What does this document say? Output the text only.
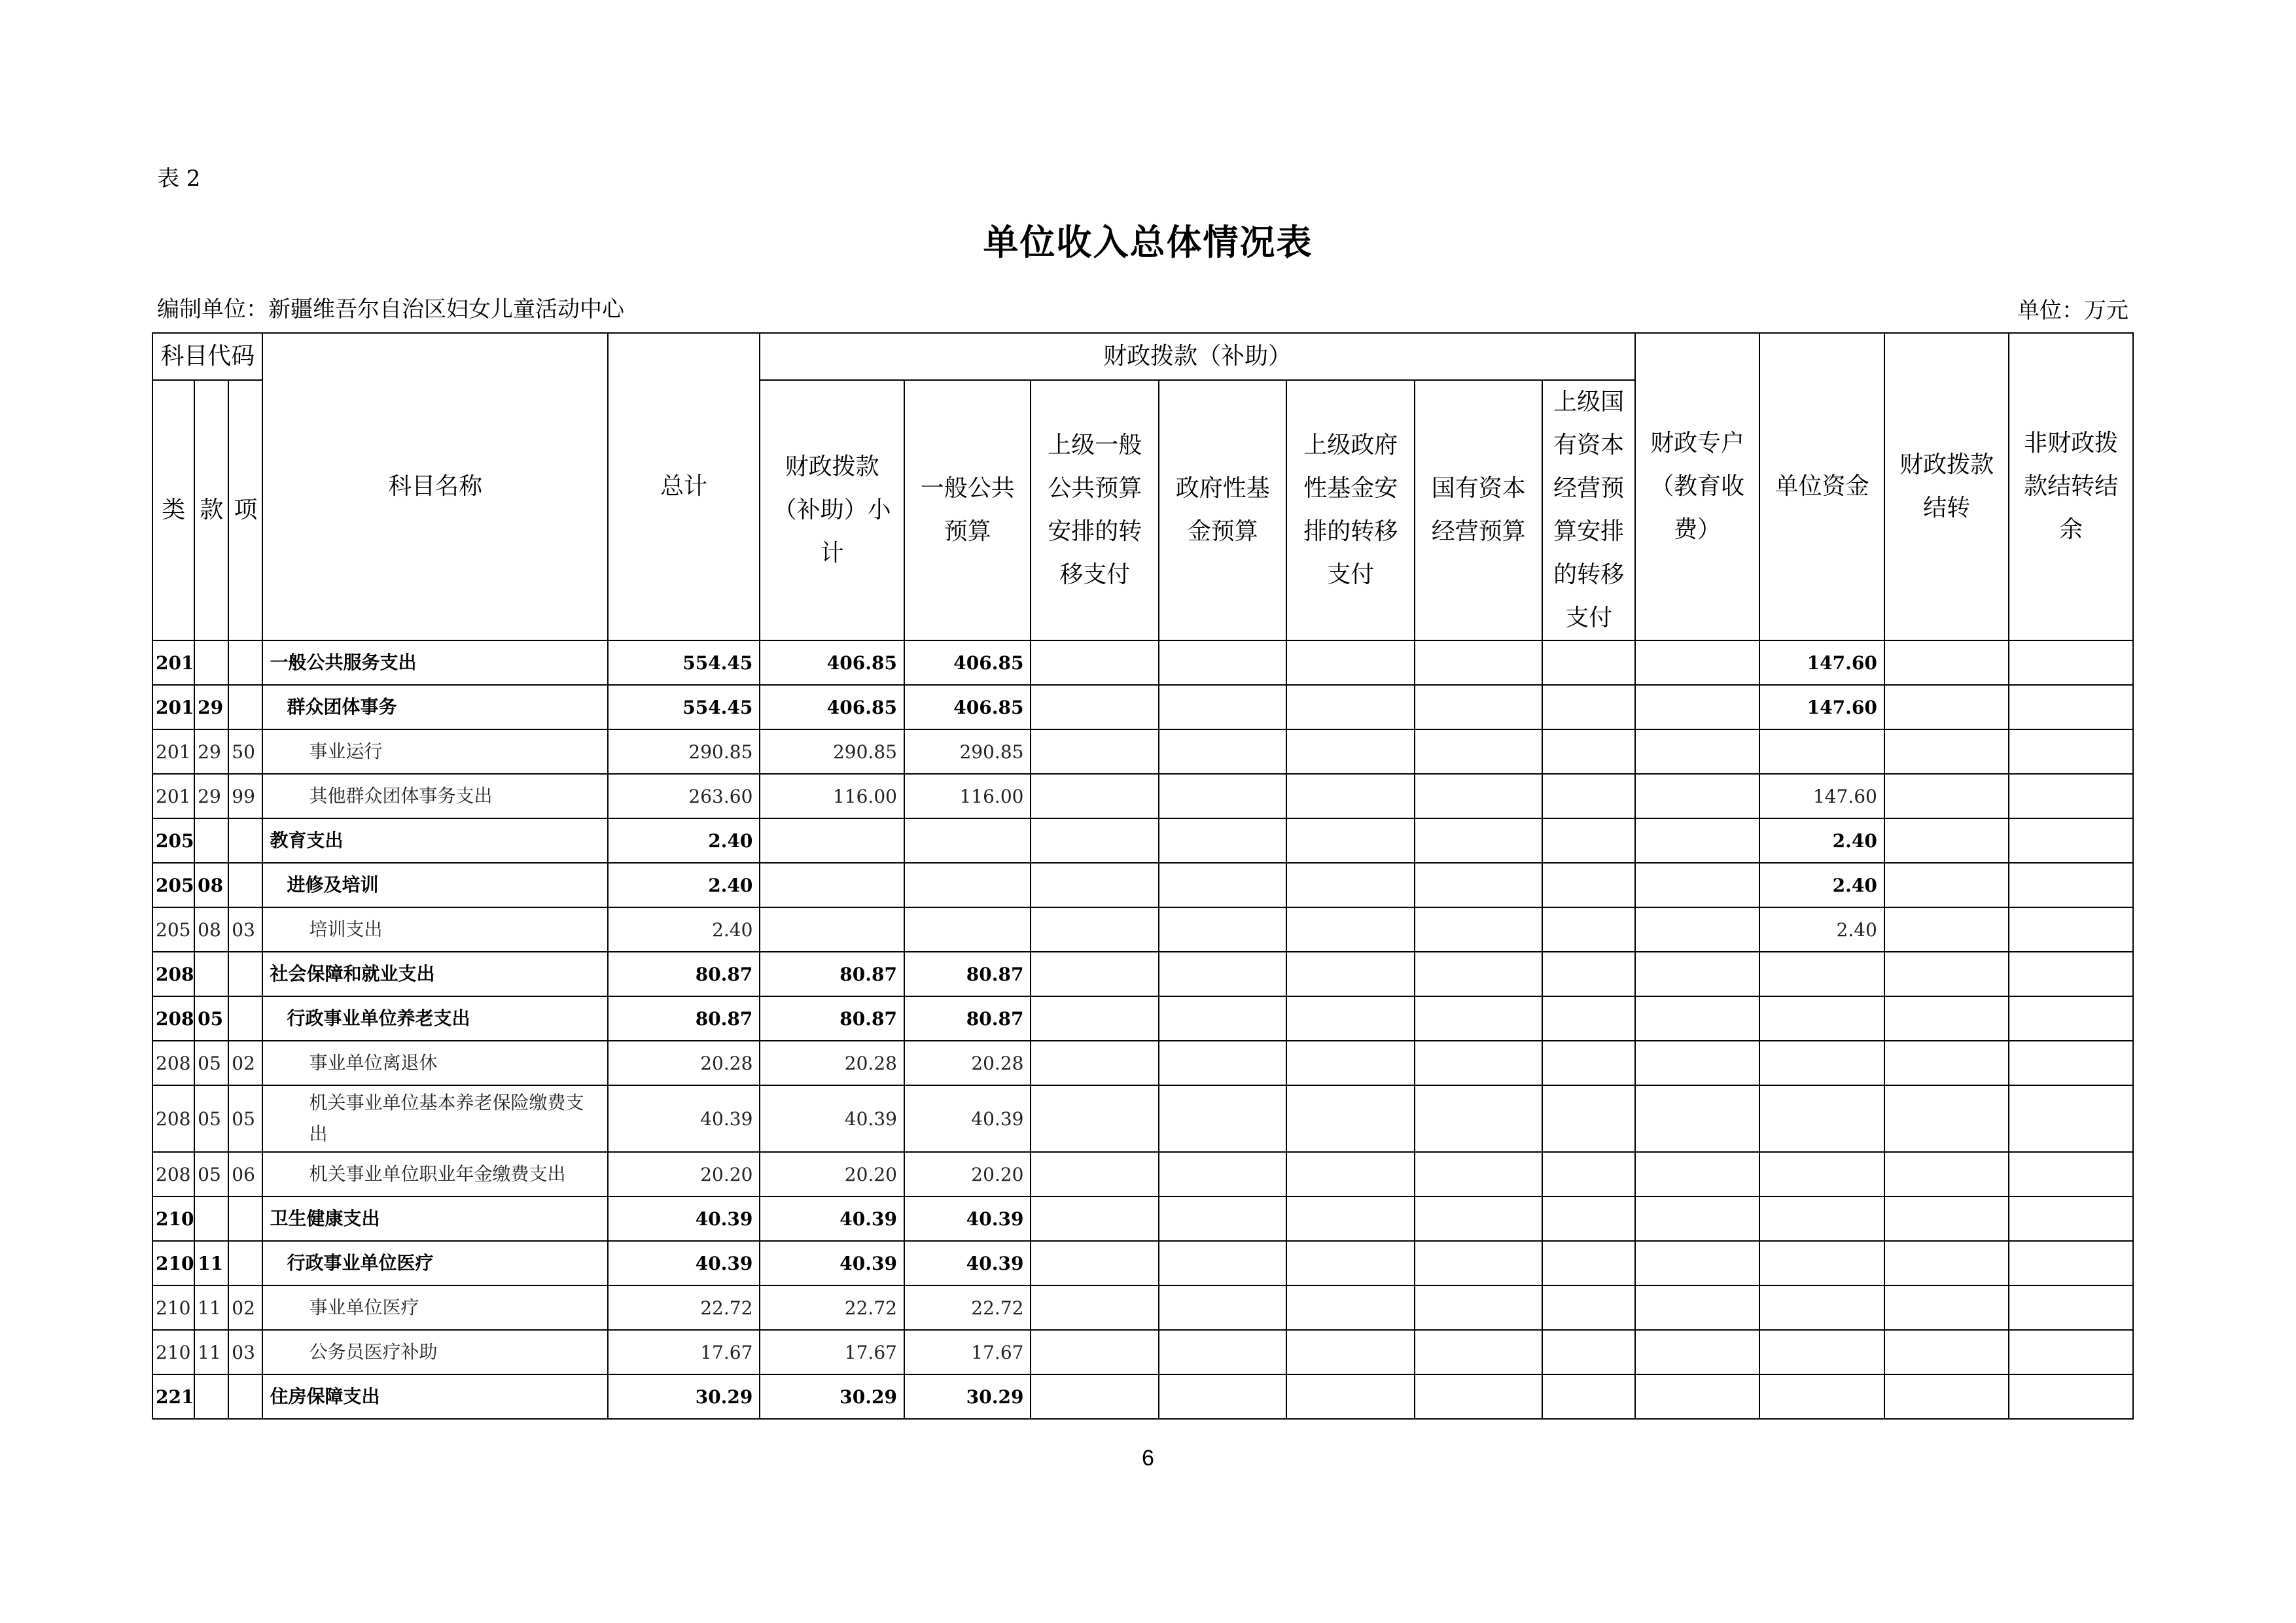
表 2
单位收入总体情况表
编制单位：新疆维吾尔自治区妇女儿童活动中心	单位：万元
科目代码			科目名称	总计	财政拨款（补助）							财政专户（教育收费）	单位资金	财政拨款结转	非财政拨款结转结余
类	款	项			财政拨款（补助）小计	一般公共预算	上级一般公共预算安排的转移支付	政府性基金预算	上级政府性基金安排的转移支付	国有资本经营预算	上级国有资本经营预算安排的转移支付				
201			一般公共服务支出	554.45	406.85	406.85							147.60		
201	29		群众团体事务	554.45	406.85	406.85							147.60		
201	29	50	事业运行	290.85	290.85	290.85									
201	29	99	其他群众团体事务支出	263.60	116.00	116.00							147.60		
205			教育支出	2.40									2.40		
205	08		进修及培训	2.40									2.40		
205	08	03	培训支出	2.40									2.40		
208			社会保障和就业支出	80.87	80.87	80.87									
208	05		行政事业单位养老支出	80.87	80.87	80.87									
208	05	02	事业单位离退休	20.28	20.28	20.28									
208	05	05	机关事业单位基本养老保险缴费支出	40.39	40.39	40.39									
208	05	06	机关事业单位职业年金缴费支出	20.20	20.20	20.20									
210			卫生健康支出	40.39	40.39	40.39									
210	11		行政事业单位医疗	40.39	40.39	40.39									
210	11	02	事业单位医疗	22.72	22.72	22.72									
210	11	03	公务员医疗补助	17.67	17.67	17.67									
221			住房保障支出	30.29	30.29	30.29									
6
